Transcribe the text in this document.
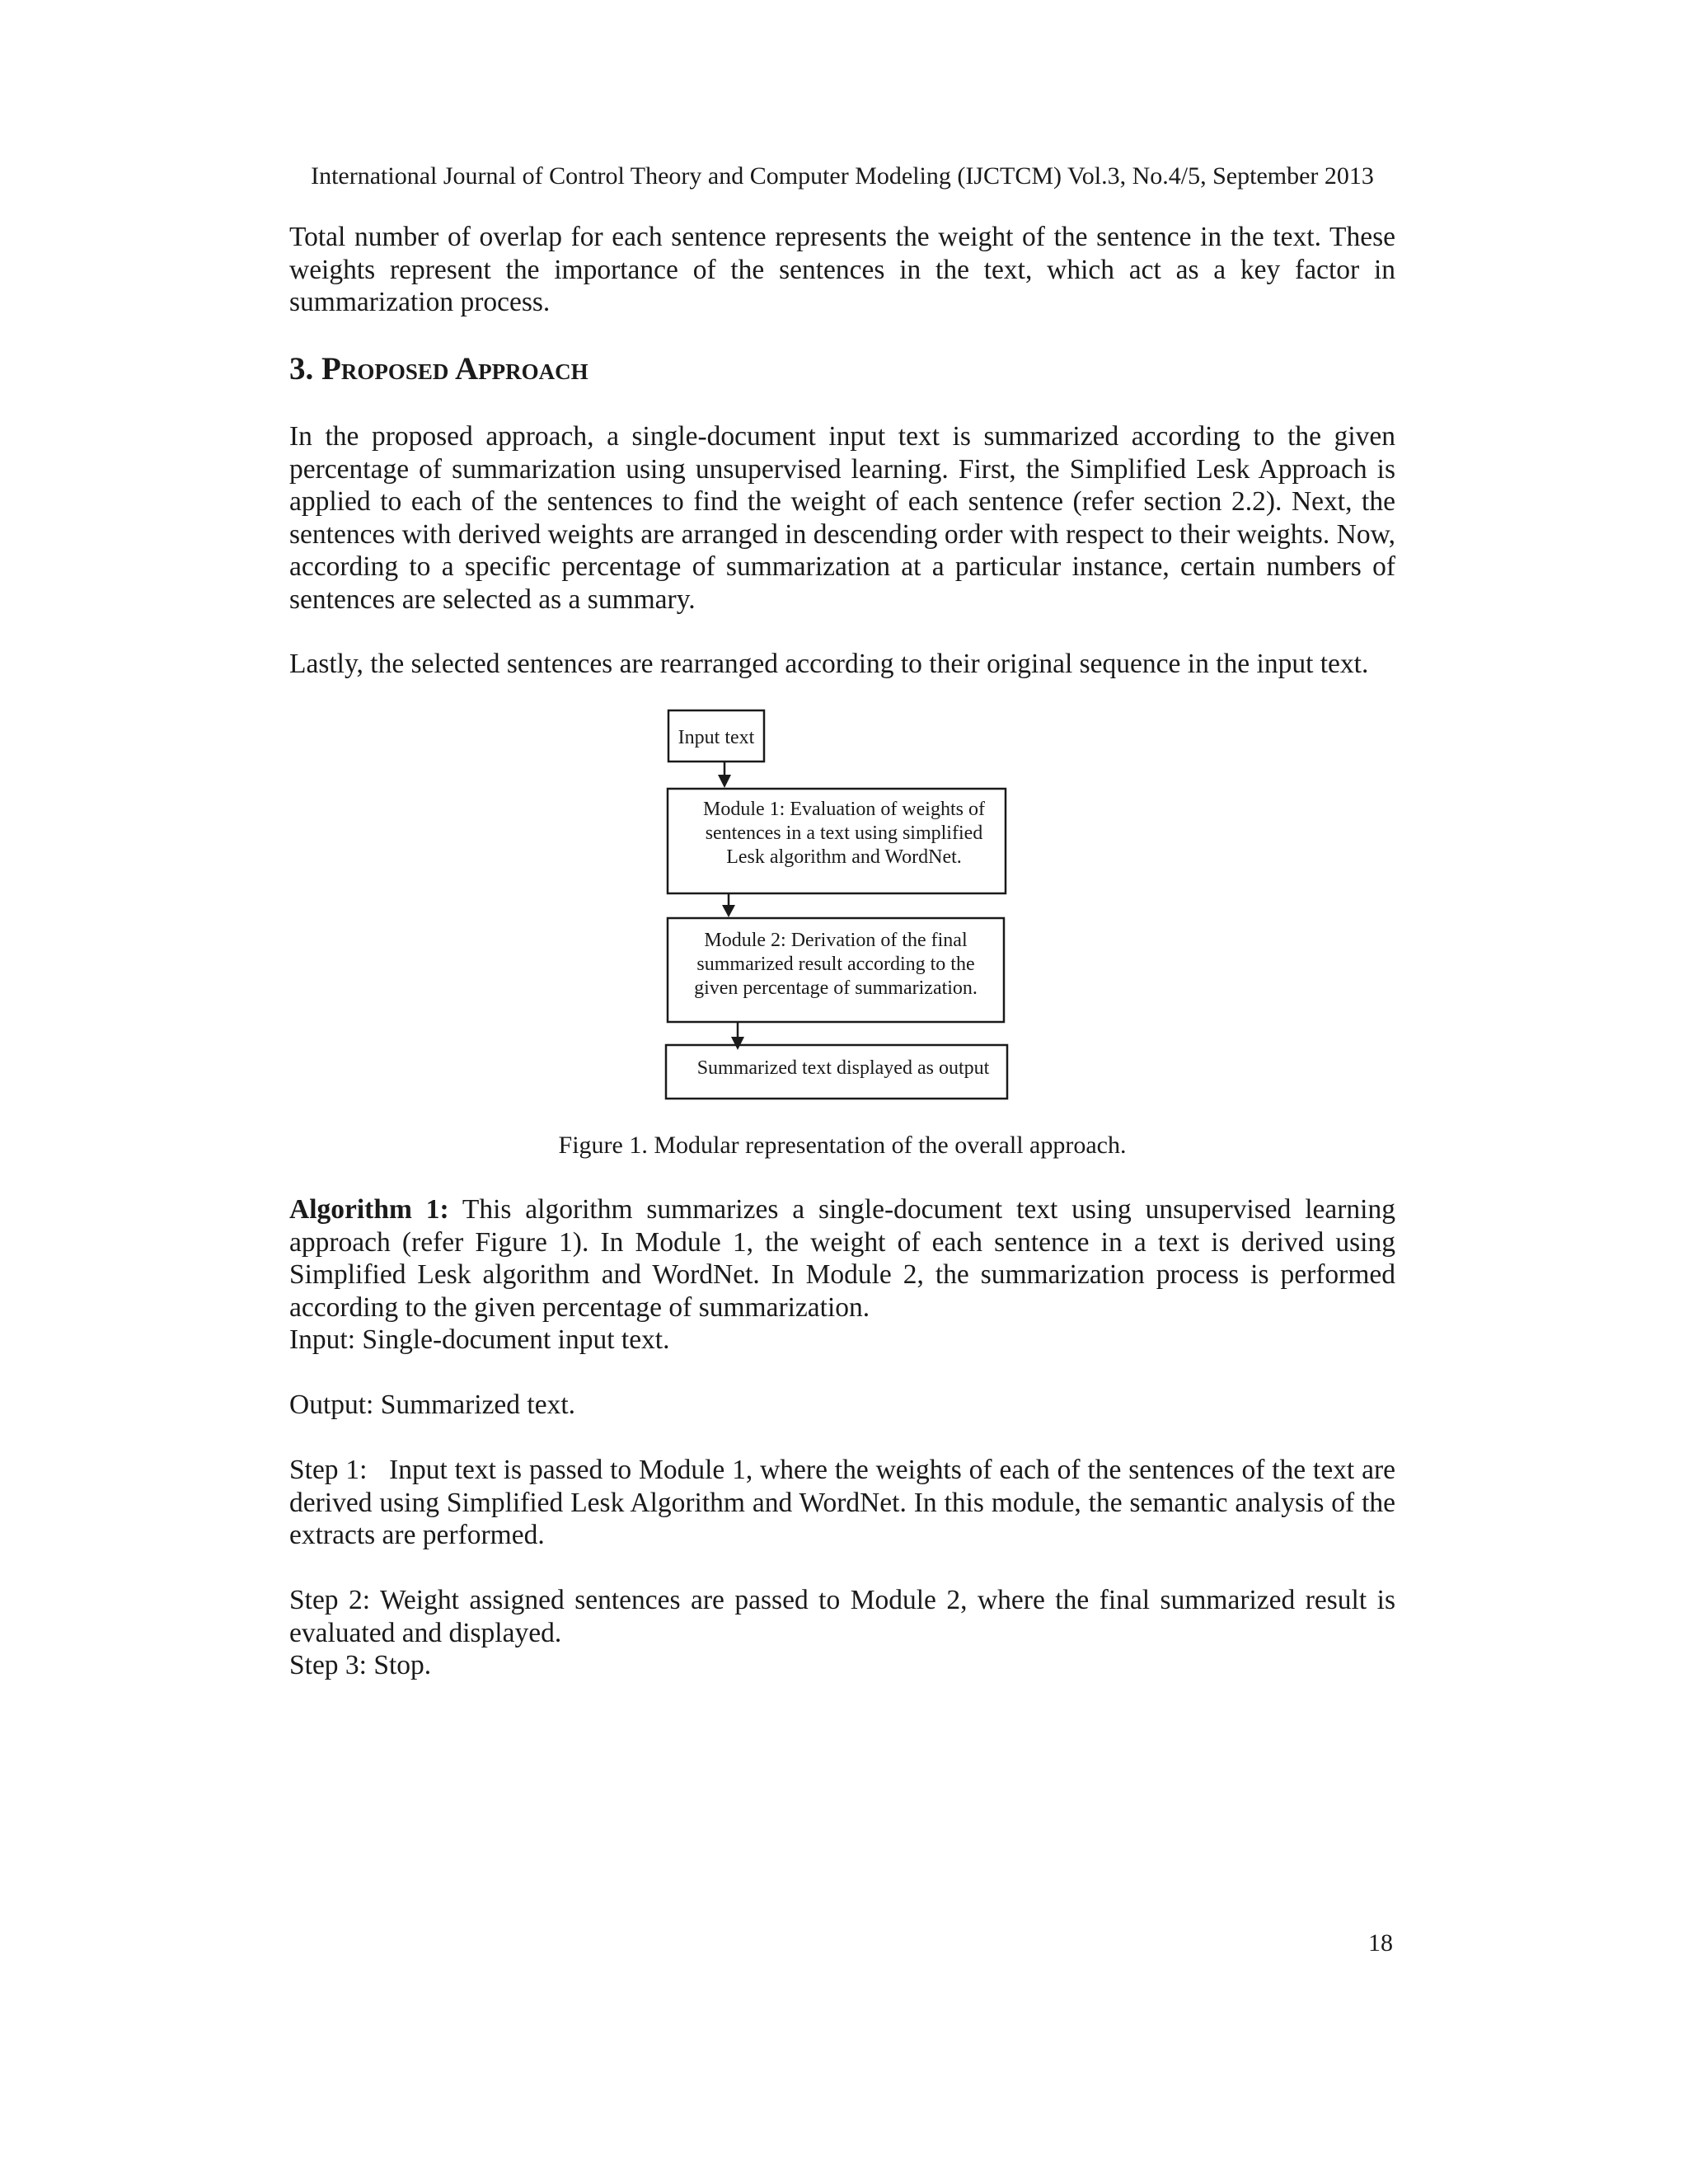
International Journal of Control Theory and Computer Modeling (IJCTCM) Vol.3, No.4/5, September 2013

Total number of overlap for each sentence represents the weight of the sentence in the text. These weights represent the importance of the sentences in the text, which act as a key factor in summarization process.

3. Proposed Approach

In the proposed approach, a single-document input text is summarized according to the given percentage of summarization using unsupervised learning. First, the Simplified Lesk Approach is applied to each of the sentences to find the weight of each sentence (refer section 2.2). Next, the sentences with derived weights are arranged in descending order with respect to their weights. Now, according to a specific percentage of summarization at a particular instance, certain numbers of sentences are selected as a summary.

Lastly, the selected sentences are rearranged according to their original sequence in the input text.

Input text
Module 1: Evaluation of weights of
sentences in a text using simplified
Lesk algorithm and WordNet.
Module 2: Derivation of the final
summarized result according to the
given percentage of summarization.
Summarized text displayed as output
Figure 1. Modular representation of the overall approach.

Algorithm 1: This algorithm summarizes a single-document text using unsupervised learning approach (refer Figure 1). In Module 1, the weight of each sentence in a text is derived using Simplified Lesk algorithm and WordNet. In Module 2, the summarization process is performed according to the given percentage of summarization.

Input: Single-document input text.

Output: Summarized text.

Step 1:   Input text is passed to Module 1, where the weights of each of the sentences of the text are derived using Simplified Lesk Algorithm and WordNet. In this module, the semantic analysis of the extracts are performed.

Step 2: Weight assigned sentences are passed to Module 2, where the final summarized result is evaluated and displayed.

Step 3: Stop.

18
